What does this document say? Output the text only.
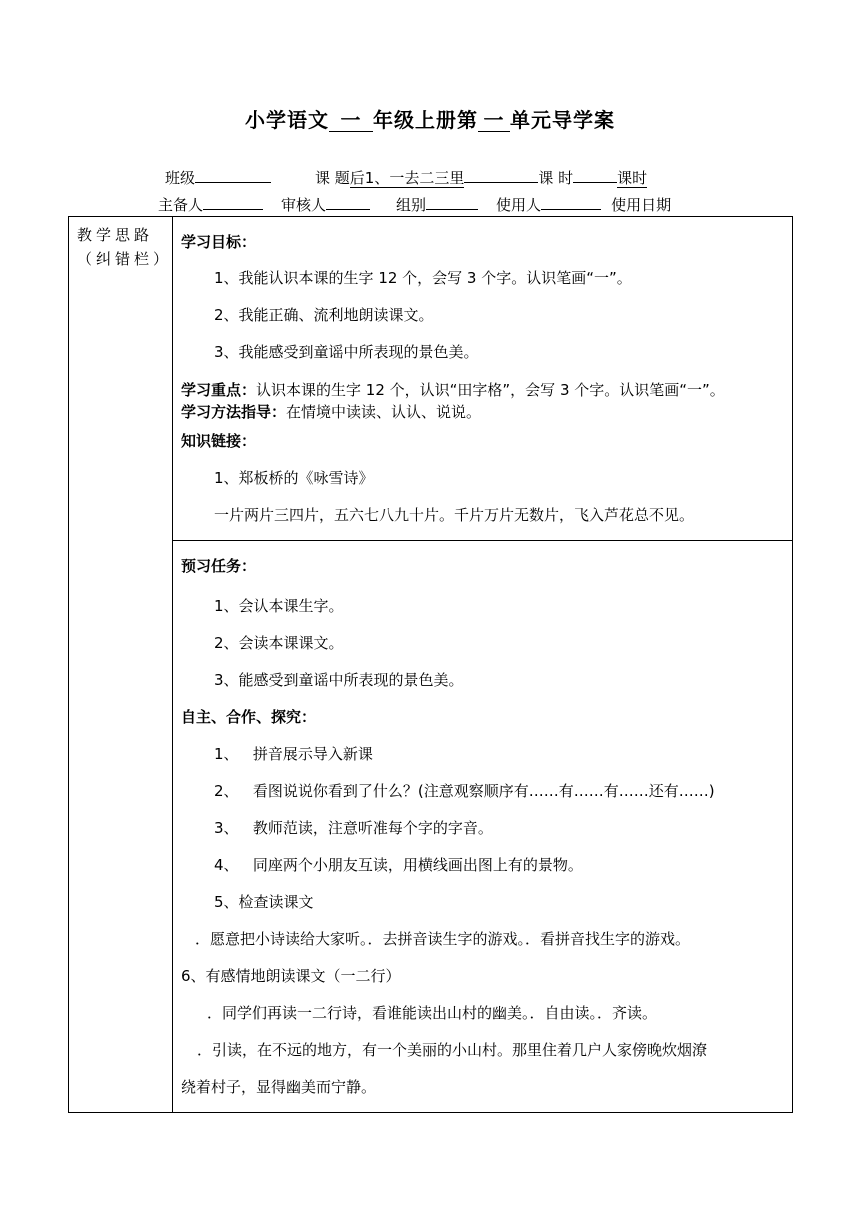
小学语文 一 年级上册第 一 单元导学案
班级	课 题后1、一去二三里	课 时	课时
主备人	审核人	组别	使用人	使用日期
教学思路（纠错栏）	
学习目标：
1、我能认识本课的生字 12 个，会写 3 个字。认识笔画“一”。
2、我能正确、流利地朗读课文。
3、我能感受到童谣中所表现的景色美。
学习重点：认识本课的生字 12 个，认识“田字格”，会写 3 个字。认识笔画“一”。
学习方法指导：在情境中读读、认认、说说。
知识链接：
1、郑板桥的《咏雪诗》
一片两片三四片，五六七八九十片。千片万片无数片，飞入芦花总不见。

预习任务：
1、会认本课生字。
2、会读本课课文。
3、能感受到童谣中所表现的景色美。
自主、合作、探究：
1、   拼音展示导入新课
2、   看图说说你看到了什么？(注意观察顺序有……有……有……还有……)
3、   教师范读，注意听准每个字的字音。
4、   同座两个小朋友互读，用横线画出图上有的景物。
5、检查读课文
．愿意把小诗读给大家听。．去拼音读生字的游戏。．看拼音找生字的游戏。
6、有感情地朗读课文（一二行）
．同学们再读一二行诗，看谁能读出山村的幽美。．自由读。．齐读。
．引读，在不远的地方，有一个美丽的小山村。那里住着几户人家傍晚炊烟潦
绕着村子，显得幽美而宁静。
